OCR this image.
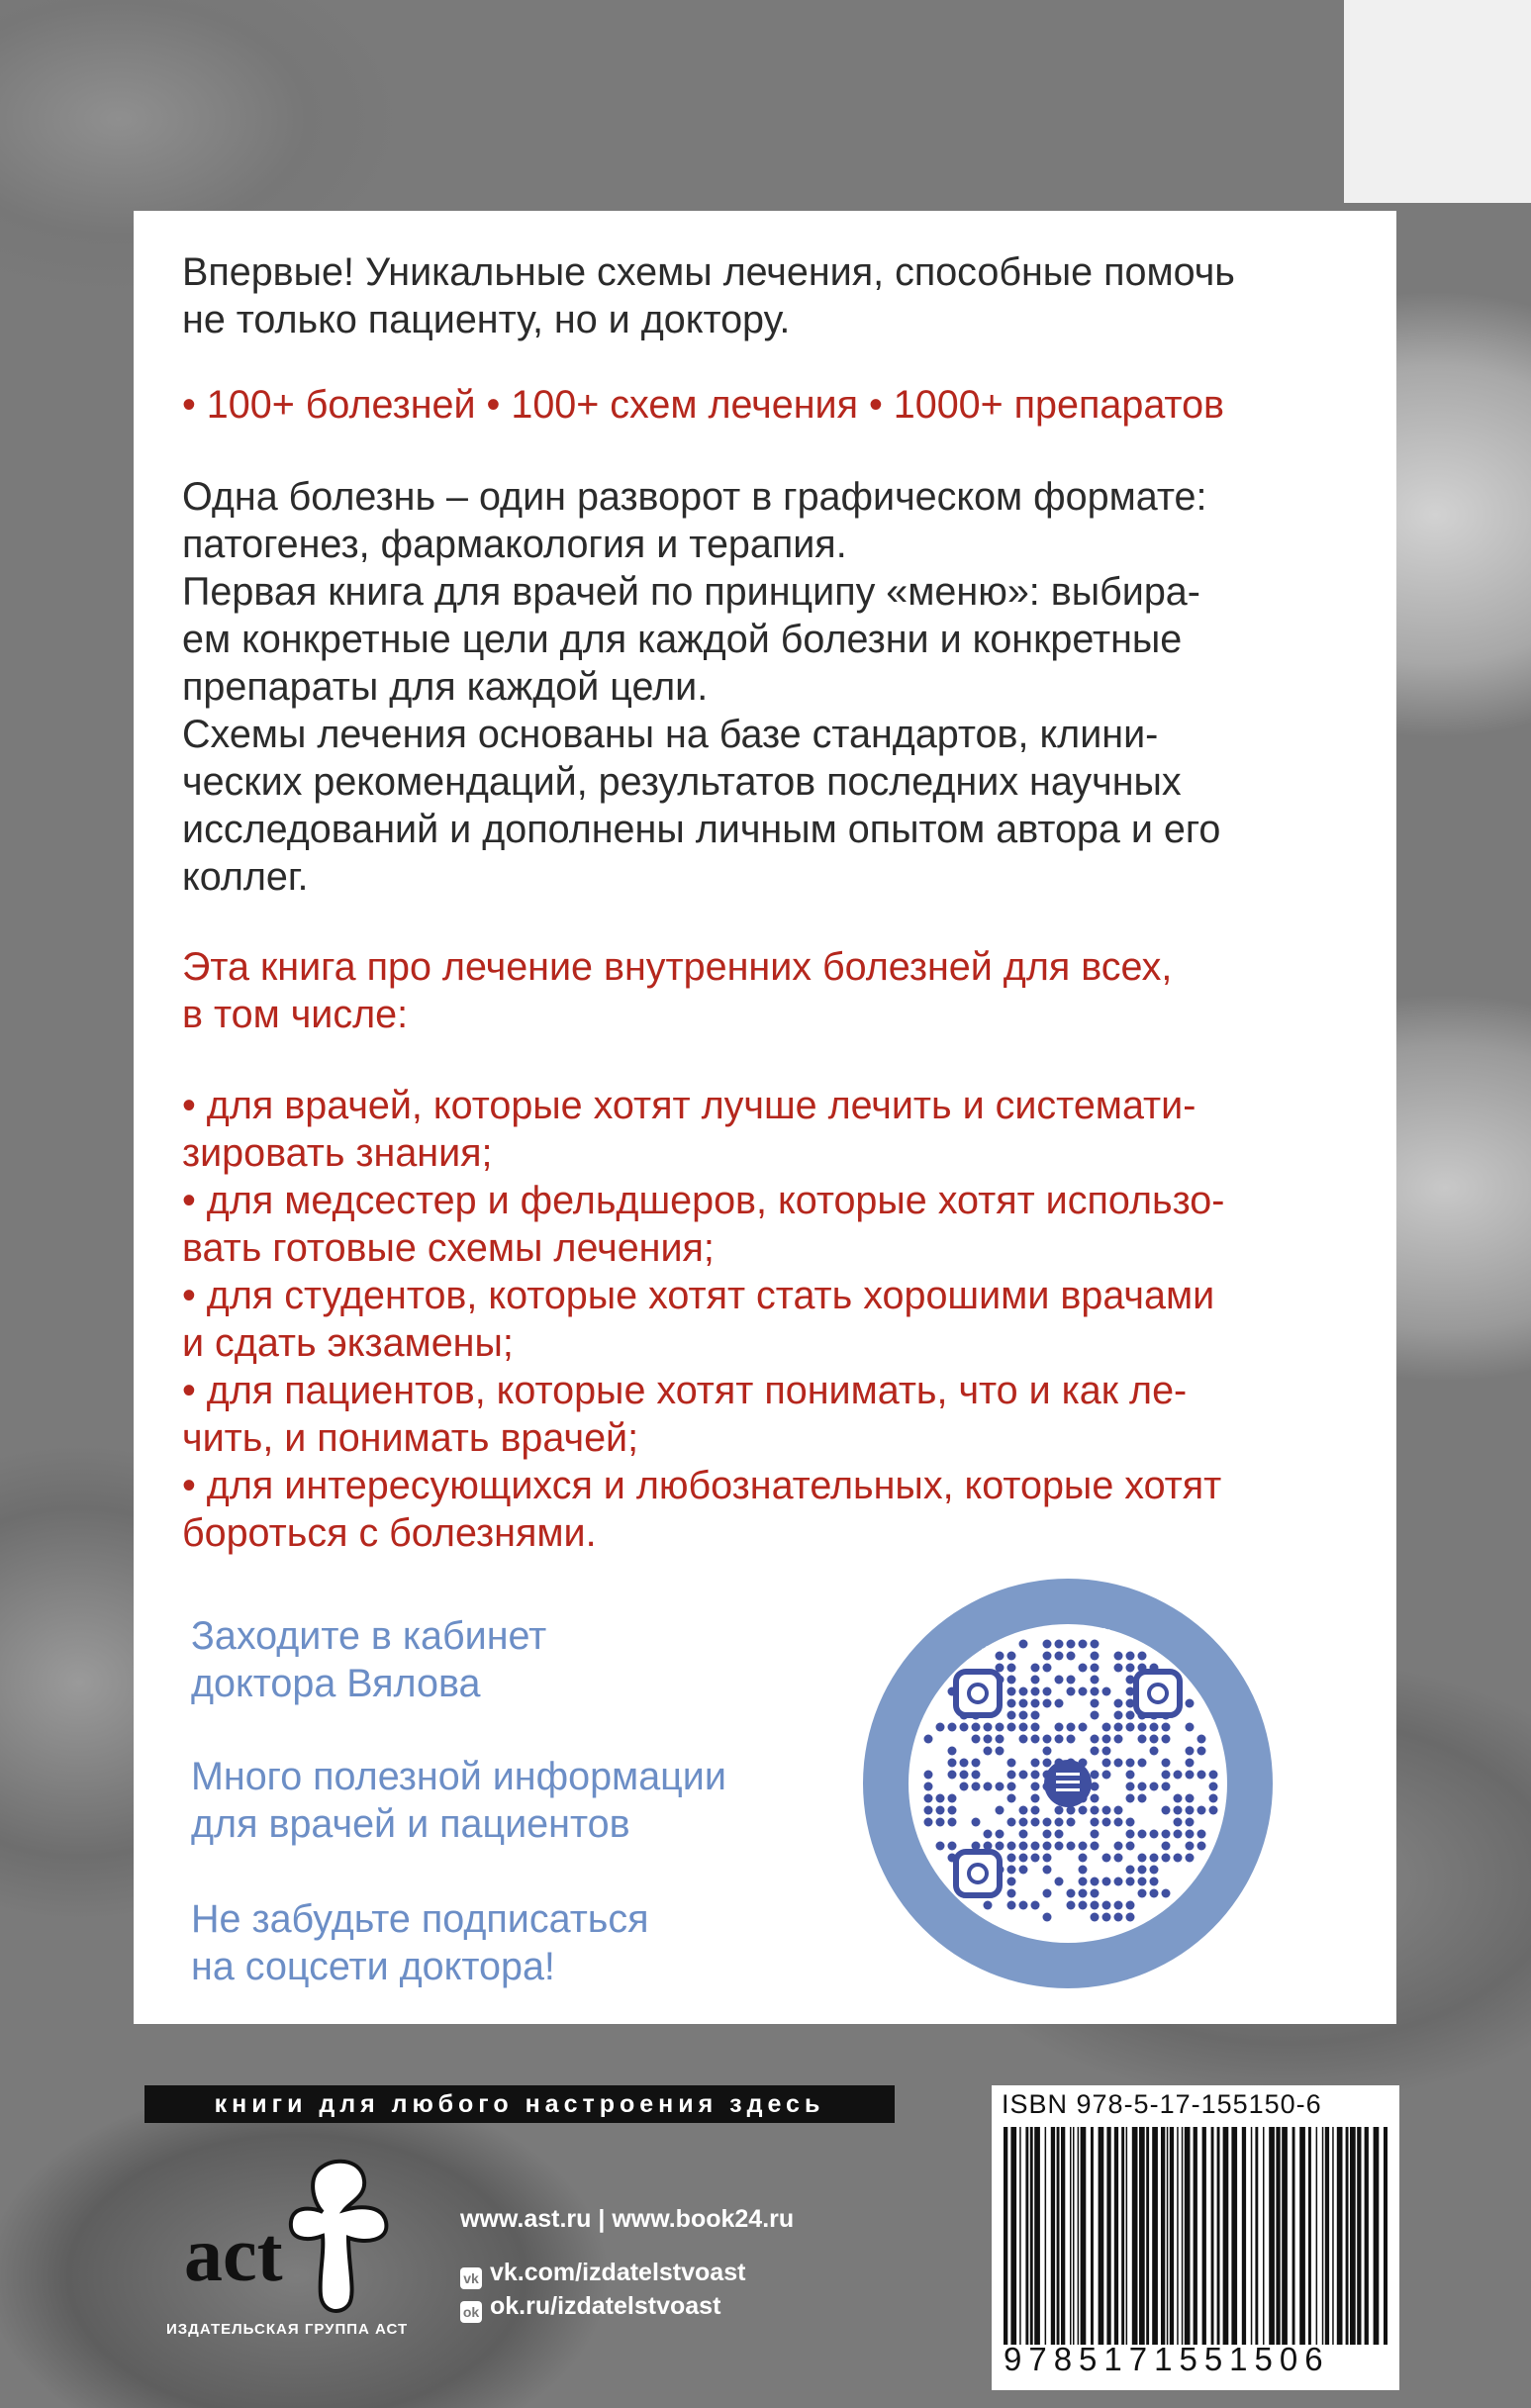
Впервые! Уникальные схемы лечения, способные помочь

не только пациенту, но и доктору.

• 100+ болезней • 100+ схем лечения • 1000+ препаратов

Одна болезнь – один разворот в графическом формате:

патогенез, фармакология и терапия.

Первая книга для врачей по принципу «меню»: выбира-

ем конкретные цели для каждой болезни и конкретные

препараты для каждой цели.

Схемы лечения основаны на базе стандартов, клини-

ческих рекомендаций, результатов последних научных

исследований и дополнены личным опытом автора и его

коллег.

Эта книга про лечение внутренних болезней для всех,

в том числе:

• для врачей, которые хотят лучше лечить и системати-

зировать знания;

• для медсестер и фельдшеров, которые хотят использо-

вать готовые схемы лечения;

• для студентов, которые хотят стать хорошими врачами

и сдать экзамены;

• для пациентов, которые хотят понимать, что и как ле-

чить, и понимать врачей;

• для интересующихся и любознательных, которые хотят

бороться с болезнями.

Заходите в кабинет

доктора Вялова

Много полезной информации

для врачей и пациентов

Не забудьте подписаться

на соцсети доктора!

книги для любого настроения здесь
act
ИЗДАТЕЛЬСКАЯ ГРУППА АСТ
www.ast.ru | www.book24.ru
vk vk.com/izdatelstvoast
ok ok.ru/izdatelstvoast
ISBN 978-5-17-155150-6
9785171551506
